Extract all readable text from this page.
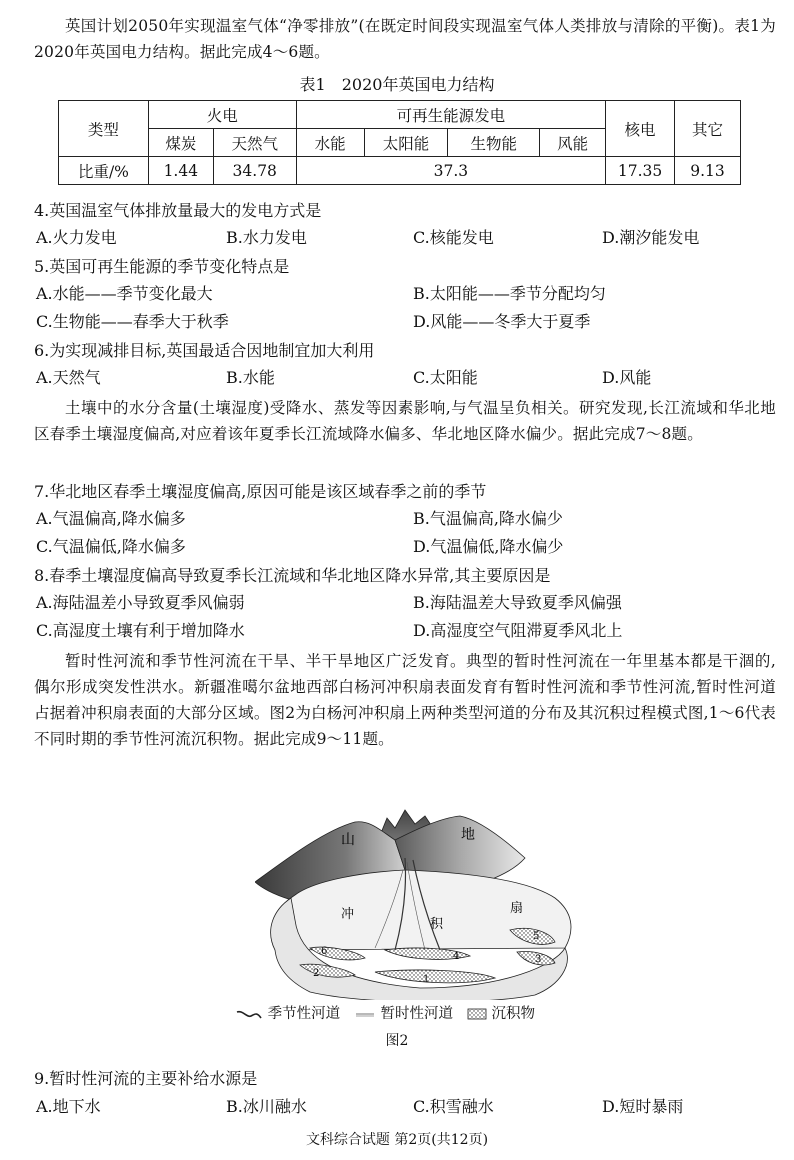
英国计划2050年实现温室气体“净零排放”(在既定时间段实现温室气体人类排放与清除的平衡)。表1为2020年英国电力结构。据此完成4～6题。

表1　2020年英国电力结构
类型	火电		可再生能源发电				核电	其它
	煤炭	天然气	水能	太阳能	生物能	风能		
比重/%	1.44	34.78	37.3				17.35	9.13

4.英国温室气体排放量最大的发电方式是

A.火力发电	B.水力发电	C.核能发电	D.潮汐能发电

5.英国可再生能源的季节变化特点是

A.水能——季节变化最大	B.太阳能——季节分配均匀
C.生物能——春季大于秋季	D.风能——冬季大于夏季

6.为实现减排目标,英国最适合因地制宜加大利用

A.天然气	B.水能	C.太阳能	D.风能

土壤中的水分含量(土壤湿度)受降水、蒸发等因素影响,与气温呈负相关。研究发现,长江流域和华北地区春季土壤湿度偏高,对应着该年夏季长江流域降水偏多、华北地区降水偏少。据此完成7～8题。

7.华北地区春季土壤湿度偏高,原因可能是该区域春季之前的季节

A.气温偏高,降水偏多	B.气温偏高,降水偏少
C.气温偏低,降水偏多	D.气温偏低,降水偏少

8.春季土壤湿度偏高导致夏季长江流域和华北地区降水异常,其主要原因是

A.海陆温差小导致夏季风偏弱	B.海陆温差大导致夏季风偏强
C.高湿度土壤有利于增加降水	D.高湿度空气阻滞夏季风北上

暂时性河流和季节性河流在干旱、半干旱地区广泛发育。典型的暂时性河流在一年里基本都是干涸的,偶尔形成突发性洪水。新疆准噶尔盆地西部白杨河冲积扇表面发育有暂时性河流和季节性河流,暂时性河道占据着冲积扇表面的大部分区域。图2为白杨河冲积扇上两种类型河道的分布及其沉积过程模式图,1～6代表不同时期的季节性河流沉积物。据此完成9～11题。

山	地
冲
积
扇
1
2
3
4
5
6
季节性河道	暂时性河道	沉积物
图2

9.暂时性河流的主要补给水源是

A.地下水	B.冰川融水	C.积雪融水	D.短时暴雨
文科综合试题 第2页(共12页)
